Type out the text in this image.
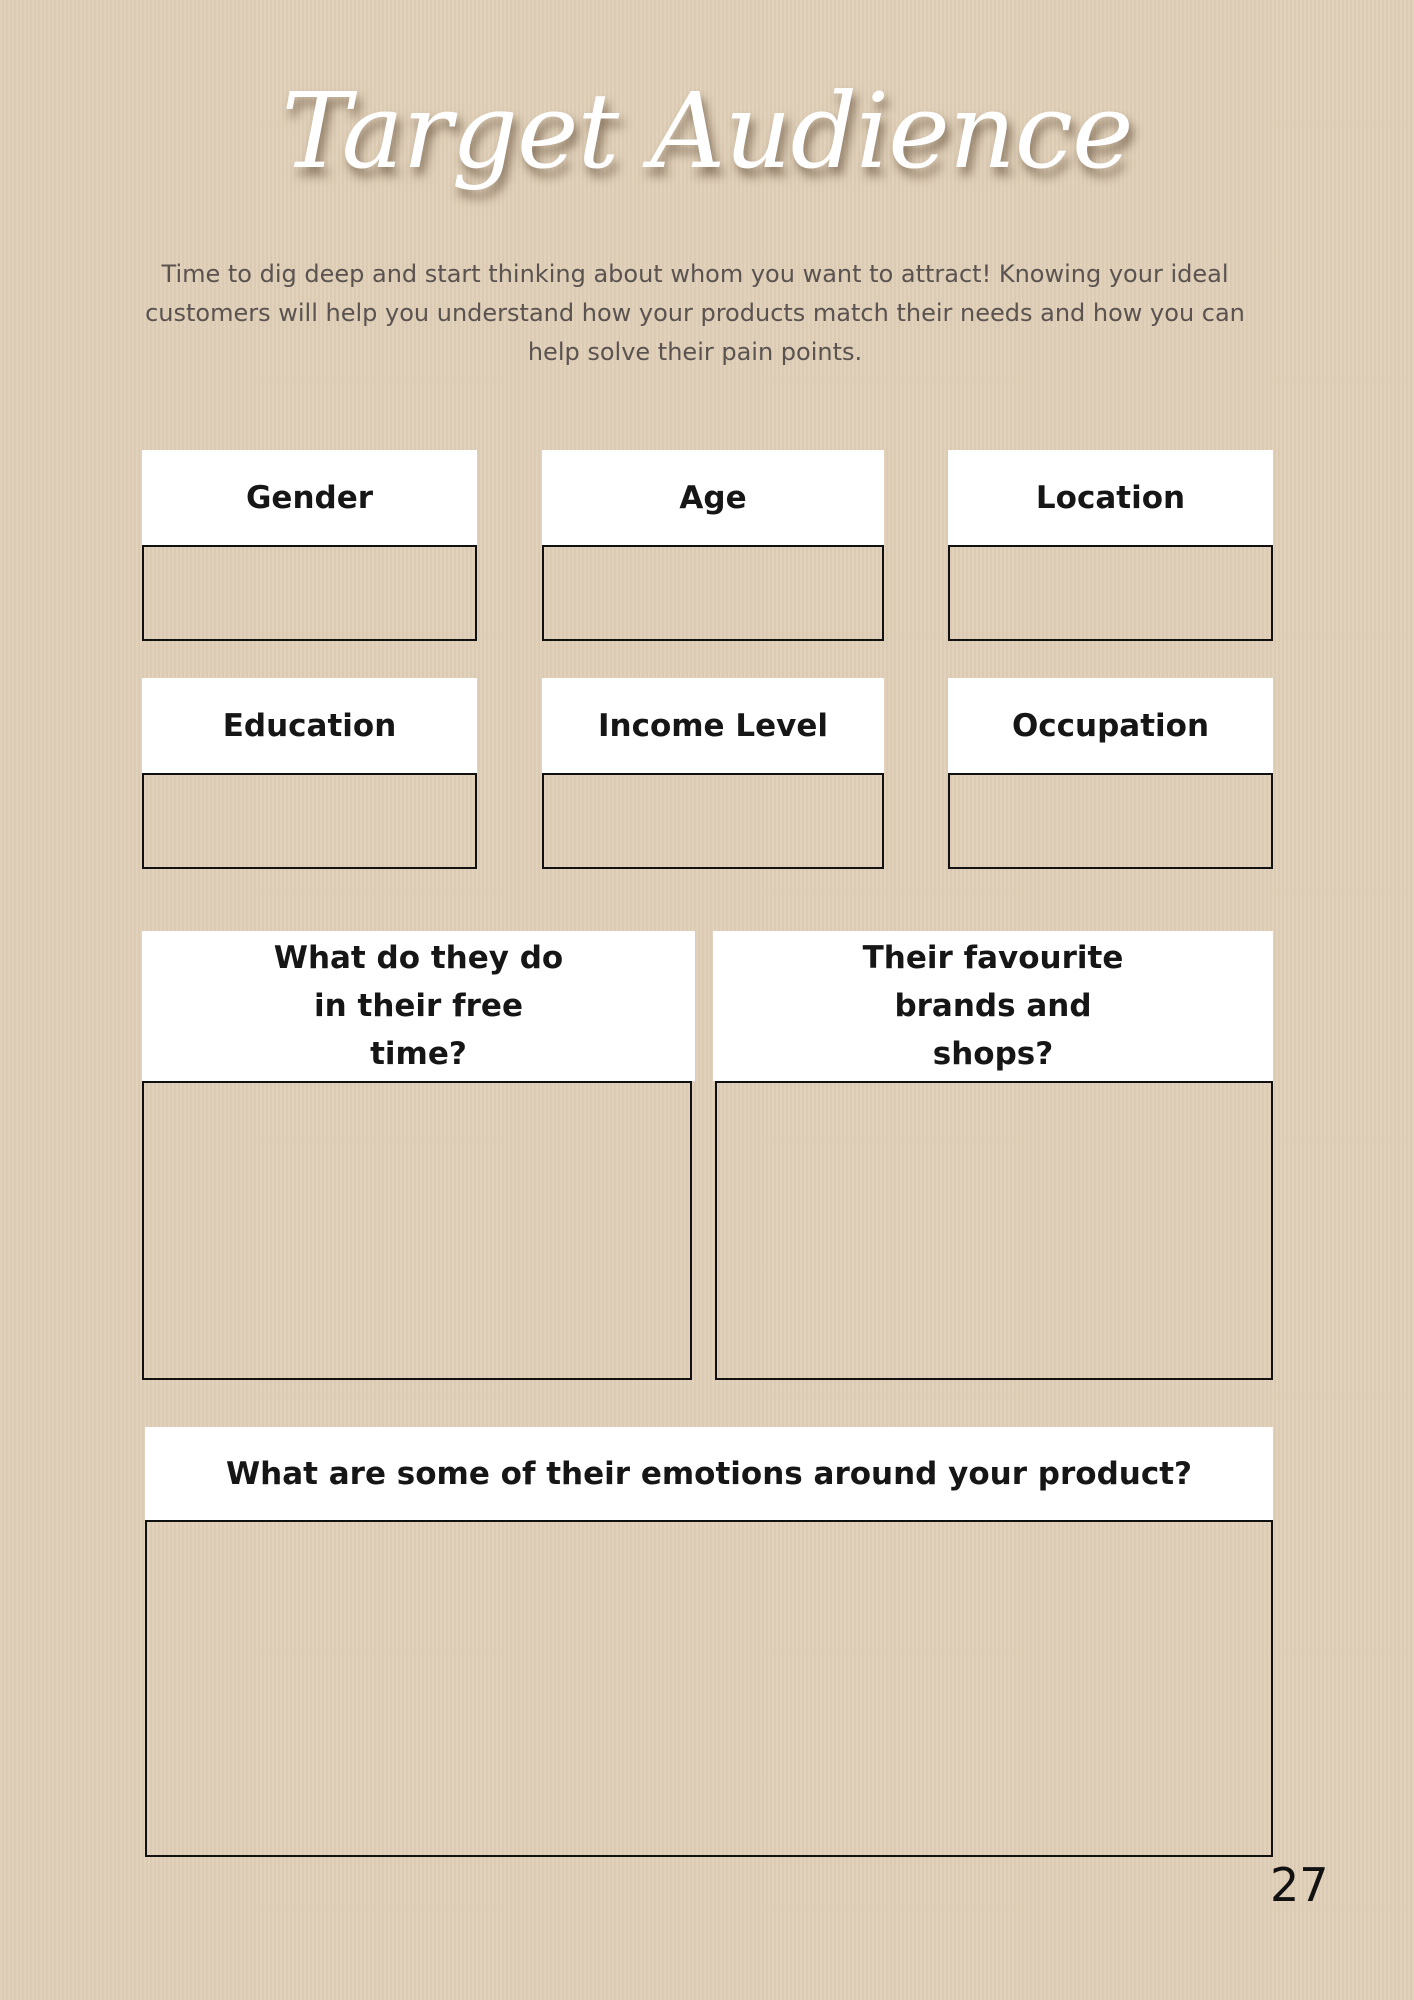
Target Audience
Time to dig deep and start thinking about whom you want to attract! Knowing your ideal customers will help you understand how your products match their needs and how you can help solve their pain points.
Gender	Age	Location
Education	Income Level	Occupation
What do they do in their free time?
Their favourite brands and shops?
What are some of their emotions around your product?
27
